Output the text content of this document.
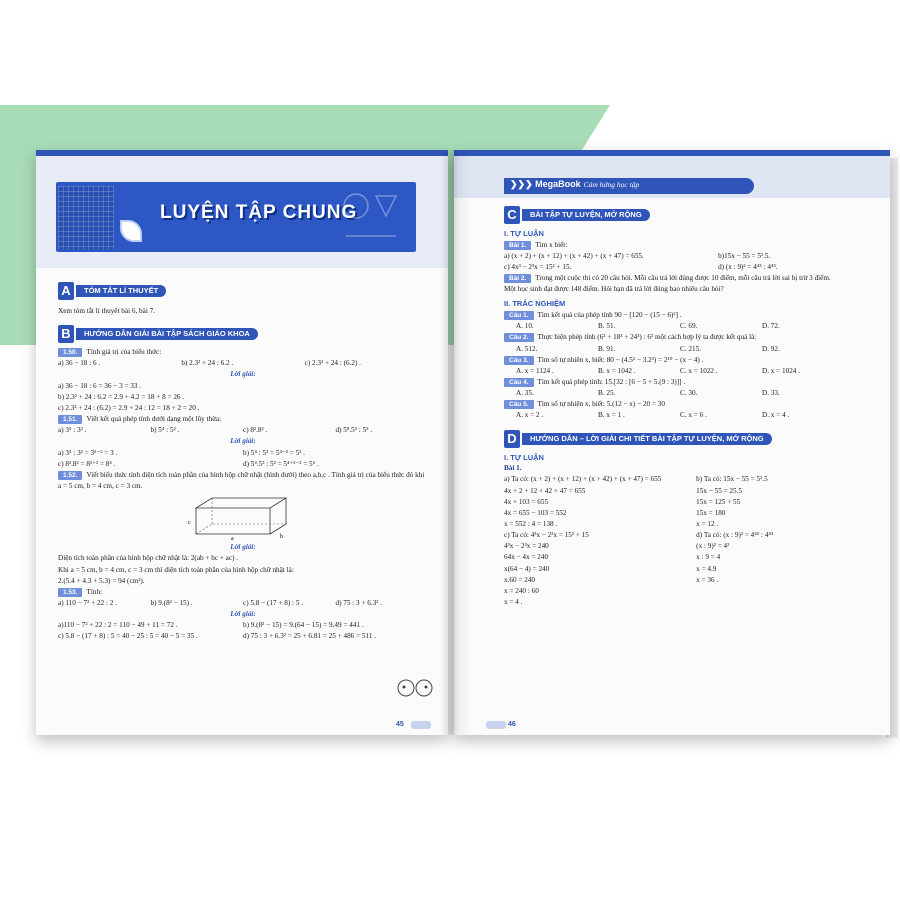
LUYỆN TẬP CHUNG
A	TÓM TẮT LÍ THUYẾT
Xem tóm tắt lí thuyết bài 6, bài 7.
B	HƯỚNG DẪN GIẢI BÀI TẬP SÁCH GIÁO KHOA
1.50. Tính giá trị của biểu thức:
a) 36 − 18 : 6 .	b) 2.3² + 24 : 6.2 .	c) 2.3² + 24 : (6.2) .
Lời giải:
a) 36 − 18 : 6 = 36 − 3 = 33 .
b) 2.3² + 24 : 6.2 = 2.9 + 4.2 = 18 + 8 = 26 .
c) 2.3² + 24 : (6.2) = 2.9 + 24 : 12 = 18 + 2 = 20 .
1.51. Viết kết quả phép tính dưới dạng một lũy thừa:
a) 3⁵ : 3² .	b) 5⁴ : 5² .	c) 8².8² .	d) 5⁸.5³ : 5⁵ .
Lời giải:
a) 3⁵ : 3² = 3⁵⁻² = 3 .	b) 5⁴ : 5² = 5⁴⁻² = 5² .
c) 8².8² = 8²⁺² = 8⁴ .	d) 5⁴.5³ : 5² = 5⁴⁺³⁻² = 5⁵ .
1.52. Viết biểu thức tính diện tích toàn phần của hình hộp chữ nhật (hình dưới) theo a,b,c . Tính giá trị của biểu thức đó khi a = 5 cm, b = 4 cm, c = 3 cm.
c
b
a
Lời giải:
Diện tích toàn phần của hình hộp chữ nhật là: 2(ab + bc + ac) .
Khi a = 5 cm, b = 4 cm, c = 3 cm thì diện tích toàn phần của hình hộp chữ nhật là:
2.(5.4 + 4.3 + 5.3) = 94 (cm²).
1.53. Tính:
a) 110 − 7² + 22 : 2 .	b) 9.(8² − 15) .	c) 5.8 − (17 + 8) : 5 .	d) 75 : 3 + 6.3² .
Lời giải:
a)110 − 7² + 22 : 2 = 110 − 49 + 11 = 72 .	b) 9.(8² − 15) = 9.(64 − 15) = 9.49 = 441 .
c) 5.8 − (17 + 8) : 5 = 40 − 25 : 5 = 40 − 5 = 35 .	d) 75 : 3 + 6.3² = 25 + 6.81 = 25 + 486 = 511 .
45
❯❯❯ MegaBook Cảm hứng học tập
C	BÀI TẬP TỰ LUYỆN, MỞ RỘNG
I. TỰ LUẬN
Bài 1. Tìm x biết:
a) (x + 2) + (x + 12) + (x + 42) + (x + 47) = 655.	b)15x − 55 = 5².5.
c) 4x³ − 2³x = 15² + 15.	d) (x : 9)² = 4⁴⁵ : 4⁴³.
Bài 2. Trong một cuộc thi có 20 câu hỏi. Mỗi câu trả lời đúng được 10 điểm, mỗi câu trả lời sai bị trừ 3 điểm. Một học sinh đạt được 148 điểm. Hỏi bạn đã trả lời đúng bao nhiêu câu hỏi?
II. TRẮC NGHIỆM
Câu 1. Tìm kết quả của phép tính 90 − [120 − (15 − 6)²] .
A. 10.	B. 51.	C. 69.	D. 72.
Câu 2. Thực hiện phép tính (6³ + 18³ + 24³) : 6³ một cách hợp lý ta được kết quả là:
A. 512.	B. 91.	C. 215.	D. 92.
Câu 3. Tìm số tự nhiên x, biết: 80 − (4.5² − 3.2³) = 2¹⁰ − (x − 4) .
A. x = 1124 .	B. x = 1042 .	C. x = 1022 .	D. x = 1024 .
Câu 4. Tìm kết quả phép tính: 15.[32 : [6 − 5 + 5.(9 : 3)]] .
A. 35.	B. 25.	C. 30.	D. 33.
Câu 5. Tìm số tự nhiên x, biết: 5.(12 − x) − 20 = 30
A. x = 2 .	B. x = 1 .	C. x = 6 .	D. x = 4 .
D	HƯỚNG DẪN – LỜI GIẢI CHI TIẾT BÀI TẬP TỰ LUYỆN, MỞ RỘNG
I. TỰ LUẬN
Bài 1.
a) Ta có: (x + 2) + (x + 12) + (x + 42) + (x + 47) = 655
4x + 2 + 12 + 42 + 47 = 655
4x + 103 = 655
4x = 655 − 103 = 552
x = 552 : 4 = 138 .
c) Ta có: 4³x − 2³x = 15² + 15
4³x − 2³x = 240
64x − 4x = 240
x(64 − 4) = 240
x.60 = 240
x = 240 : 60
x = 4 .
b) Ta có: 15x − 55 = 5².5
15x − 55 = 25.5
15x = 125 + 55
15x = 180
x = 12 .
d) Ta có: (x : 9)² = 4⁴⁵ : 4⁴³
(x : 9)² = 4²
x : 9 = 4
x = 4.9
x = 36 .
46
